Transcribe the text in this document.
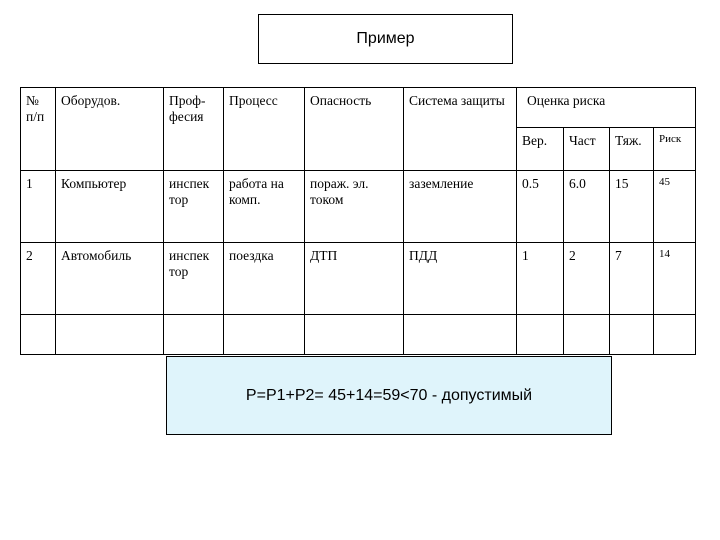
Пример
№ п/п	Оборудов.	Проф-фесия	Процесс	Опасность	Система защиты	Оценка риска			
						Вер.	Част	Тяж.	Риск
1	Компьютер	инспек тор	работа на комп.	пораж. эл. током	заземление	0.5	6.0	15	45
2	Автомобиль	инспек тор	поездка	ДТП	ПДД	1	2	7	14

P=P1+P2= 45+14=59<70 - допустимый
